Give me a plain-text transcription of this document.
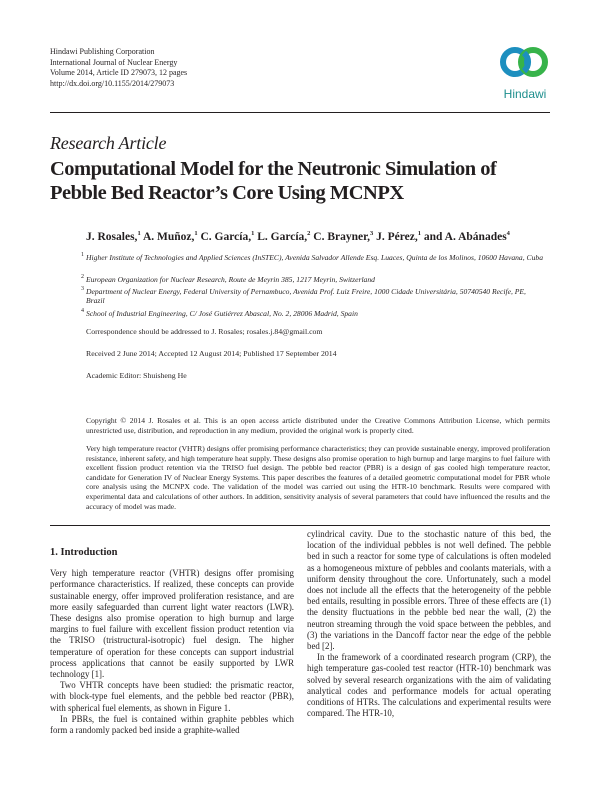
Hindawi Publishing Corporation
International Journal of Nuclear Energy
Volume 2014, Article ID 279073, 12 pages
http://dx.doi.org/10.1155/2014/279073
Hindawi
Research Article
Computational Model for the Neutronic Simulation of Pebble Bed Reactor’s Core Using MCNPX
J. Rosales,$^1$ A. Muñoz,$^1$ C. García,$^1$ L. García,$^2$ C. Brayner,$^3$ J. Pérez,$^1$ and A. Abánades$^4$
1 Higher Institute of Technologies and Applied Sciences (InSTEC), Avenida Salvador Allende Esq. Luaces, Quinta de los Molinos, 10600 Havana, Cuba
2 European Organization for Nuclear Research, Route de Meyrin 385, 1217 Meyrin, Switzerland
3 Department of Nuclear Energy, Federal University of Pernambuco, Avenida Prof. Luiz Freire, 1000 Cidade Universitária, 50740540 Recife, PE, Brazil
4 School of Industrial Engineering, C/ José Gutiérrez Abascal, No. 2, 28006 Madrid, Spain
Correspondence should be addressed to J. Rosales; rosales.j.84@gmail.com
Received 2 June 2014; Accepted 12 August 2014; Published 17 September 2014
Academic Editor: Shuisheng He
Copyright © 2014 J. Rosales et al. This is an open access article distributed under the Creative Commons Attribution License, which permits unrestricted use, distribution, and reproduction in any medium, provided the original work is properly cited.
Very high temperature reactor (VHTR) designs offer promising performance characteristics; they can provide sustainable energy, improved proliferation resistance, inherent safety, and high temperature heat supply. These designs also promise operation to high burnup and large margins to fuel failure with excellent fission product retention via the TRISO fuel design. The pebble bed reactor (PBR) is a design of gas cooled high temperature reactor, candidate for Generation IV of Nuclear Energy Systems. This paper describes the features of a detailed geometric computational model for PBR whole core analysis using the MCNPX code. The validation of the model was carried out using the HTR-10 benchmark. Results were compared with experimental data and calculations of other authors. In addition, sensitivity analysis of several parameters that could have influenced the results and the accuracy of model was made.
1. Introduction

Very high temperature reactor (VHTR) designs offer promising performance characteristics. If realized, these concepts can provide sustainable energy, offer improved proliferation resistance, and are more easily safeguarded than current light water reactors (LWR). These designs also promise operation to high burnup and large margins to fuel failure with excellent fission product retention via the TRISO (tristructural-isotropic) fuel design. The higher temperature of operation for these concepts can support industrial process applications that cannot be easily supported by LWR technology [1].

Two VHTR concepts have been studied: the prismatic reactor, with block-type fuel elements, and the pebble bed reactor (PBR), with spherical fuel elements, as shown in Figure 1.

In PBRs, the fuel is contained within graphite pebbles which form a randomly packed bed inside a graphite-walled

cylindrical cavity. Due to the stochastic nature of this bed, the location of the individual pebbles is not well defined. The pebble bed in such a reactor for some type of calculations is often modeled as a homogeneous mixture of pebbles and coolants materials, with a uniform density throughout the core. Unfortunately, such a model does not include all the effects that the heterogeneity of the pebble bed entails, resulting in possible errors. Three of these effects are (1) the density fluctuations in the pebble bed near the wall, (2) the neutron streaming through the void space between the pebbles, and (3) the variations in the Dancoff factor near the edge of the pebble bed [2].

In the framework of a coordinated research program (CRP), the high temperature gas-cooled test reactor (HTR-10) benchmark was solved by several research organizations with the aim of validating analytical codes and performance models for actual operating conditions of HTRs. The calculations and experimental results were compared. The HTR-10,
